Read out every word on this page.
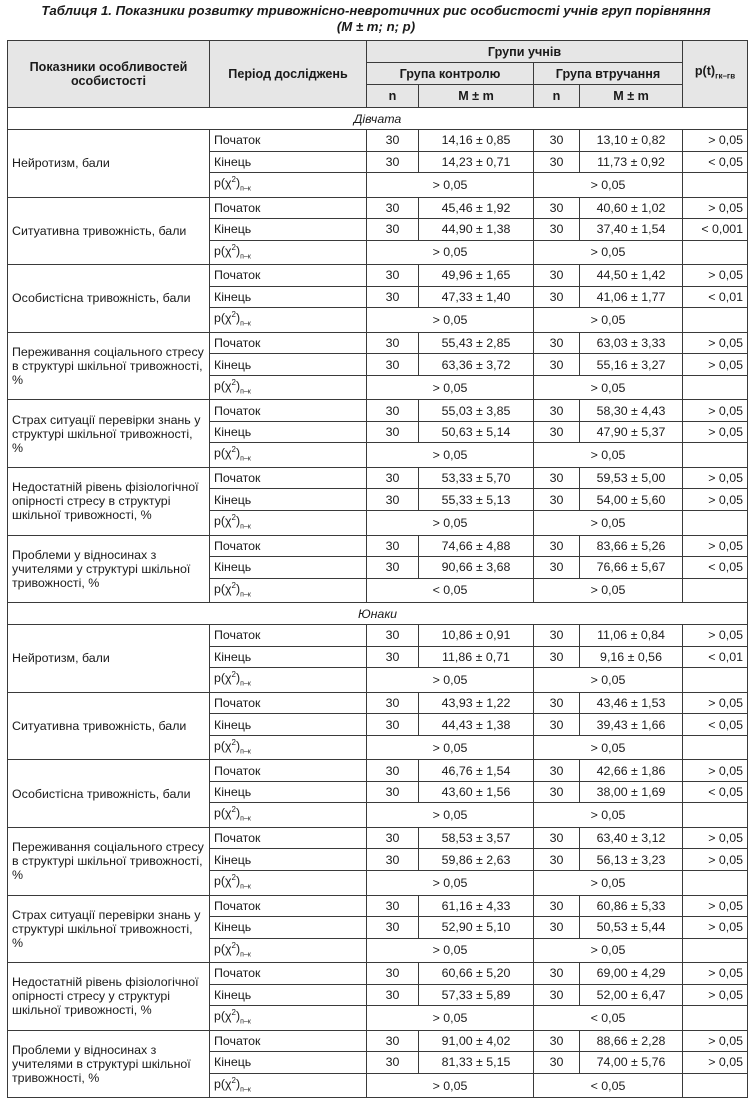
Таблиця 1. Показники розвитку тривожнісно-невротичних рис особистості учнів груп порівняння
(M ± m; n; p)
Показники особливостей особистості	Період досліджень	Групи учнів				$p(t)_{гк-гв}$
		Група контролю		Група втручання		
		n	M ± m	n	M ± m	
Дівчата						
Нейротизм, бали	Початок	30	14,16 ± 0,85	30	13,10 ± 0,82	> 0,05
	Кінець	30	14,23 ± 0,71	30	11,73 ± 0,92	< 0,05
	$p(\chi^2)_{п-к}$	> 0,05		> 0,05		
Ситуативна тривожність, бали	Початок	30	45,46 ± 1,92	30	40,60 ± 1,02	> 0,05
	Кінець	30	44,90 ± 1,38	30	37,40 ± 1,54	< 0,001
	$p(\chi^2)_{п-к}$	> 0,05		> 0,05		
Особистісна тривожність, бали	Початок	30	49,96 ± 1,65	30	44,50 ± 1,42	> 0,05
	Кінець	30	47,33 ± 1,40	30	41,06 ± 1,77	< 0,01
	$p(\chi^2)_{п-к}$	> 0,05		> 0,05		
Переживання соціального стресу в структурі шкільної тривожності, %	Початок	30	55,43 ± 2,85	30	63,03 ± 3,33	> 0,05
	Кінець	30	63,36 ± 3,72	30	55,16 ± 3,27	> 0,05
	$p(\chi^2)_{п-к}$	> 0,05		> 0,05		
Страх ситуації перевірки знань у структурі шкільної тривожності, %	Початок	30	55,03 ± 3,85	30	58,30 ± 4,43	> 0,05
	Кінець	30	50,63 ± 5,14	30	47,90 ± 5,37	> 0,05
	$p(\chi^2)_{п-к}$	> 0,05		> 0,05		
Недостатній рівень фізіологічної опірності стресу в структурі шкільної тривожності, %	Початок	30	53,33 ± 5,70	30	59,53 ± 5,00	> 0,05
	Кінець	30	55,33 ± 5,13	30	54,00 ± 5,60	> 0,05
	$p(\chi^2)_{п-к}$	> 0,05		> 0,05		
Проблеми у відносинах з учителями у структурі шкільної тривожності, %	Початок	30	74,66 ± 4,88	30	83,66 ± 5,26	> 0,05
	Кінець	30	90,66 ± 3,68	30	76,66 ± 5,67	< 0,05
	$p(\chi^2)_{п-к}$	< 0,05		> 0,05		
Юнаки						
Нейротизм, бали	Початок	30	10,86 ± 0,91	30	11,06 ± 0,84	> 0,05
	Кінець	30	11,86 ± 0,71	30	9,16 ± 0,56	< 0,01
	$p(\chi^2)_{п-к}$	> 0,05		> 0,05		
Ситуативна тривожність, бали	Початок	30	43,93 ± 1,22	30	43,46 ± 1,53	> 0,05
	Кінець	30	44,43 ± 1,38	30	39,43 ± 1,66	< 0,05
	$p(\chi^2)_{п-к}$	> 0,05		> 0,05		
Особистісна тривожність, бали	Початок	30	46,76 ± 1,54	30	42,66 ± 1,86	> 0,05
	Кінець	30	43,60 ± 1,56	30	38,00 ± 1,69	< 0,05
	$p(\chi^2)_{п-к}$	> 0,05		> 0,05		
Переживання соціального стресу в структурі шкільної тривожності, %	Початок	30	58,53 ± 3,57	30	63,40 ± 3,12	> 0,05
	Кінець	30	59,86 ± 2,63	30	56,13 ± 3,23	> 0,05
	$p(\chi^2)_{п-к}$	> 0,05		> 0,05		
Страх ситуації перевірки знань у структурі шкільної тривожності, %	Початок	30	61,16 ± 4,33	30	60,86 ± 5,33	> 0,05
	Кінець	30	52,90 ± 5,10	30	50,53 ± 5,44	> 0,05
	$p(\chi^2)_{п-к}$	> 0,05		> 0,05		
Недостатній рівень фізіологічної опірності стресу у структурі шкільної тривожності, %	Початок	30	60,66 ± 5,20	30	69,00 ± 4,29	> 0,05
	Кінець	30	57,33 ± 5,89	30	52,00 ± 6,47	> 0,05
	$p(\chi^2)_{п-к}$	> 0,05		< 0,05		
Проблеми у відносинах з учителями в структурі шкільної тривожності, %	Початок	30	91,00 ± 4,02	30	88,66 ± 2,28	> 0,05
	Кінець	30	81,33 ± 5,15	30	74,00 ± 5,76	> 0,05
	$p(\chi^2)_{п-к}$	> 0,05		< 0,05		
